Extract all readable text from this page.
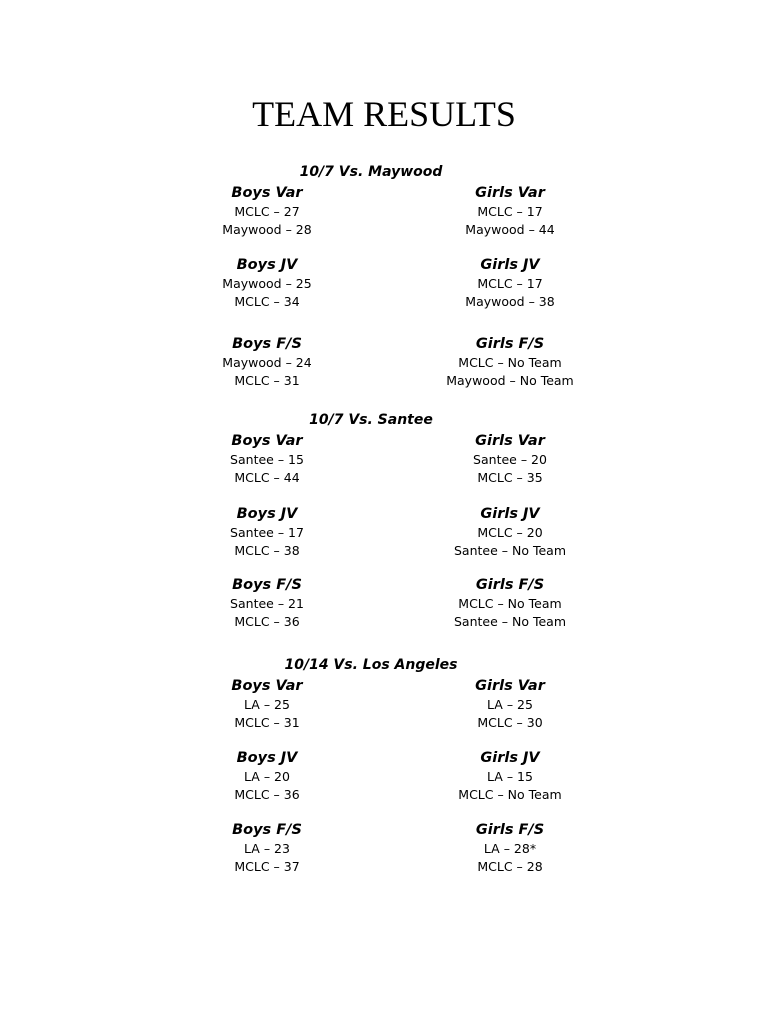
TEAM RESULTS
10/7 Vs. Maywood
Boys Var
MCLC – 27
Maywood – 28
Girls Var
MCLC – 17
Maywood – 44
Boys JV
Maywood – 25
MCLC – 34
Girls JV
MCLC – 17
Maywood – 38
Boys F/S
Maywood – 24
MCLC – 31
Girls F/S
MCLC – No Team
Maywood – No Team
10/7 Vs. Santee
Boys Var
Santee – 15
MCLC – 44
Girls Var
Santee – 20
MCLC – 35
Boys JV
Santee – 17
MCLC – 38
Girls JV
MCLC – 20
Santee – No Team
Boys F/S
Santee – 21
MCLC – 36
Girls F/S
MCLC – No Team
Santee – No Team
10/14 Vs. Los Angeles
Boys Var
LA – 25
MCLC – 31
Girls Var
LA – 25
MCLC – 30
Boys JV
LA – 20
MCLC – 36
Girls JV
LA – 15
MCLC – No Team
Boys F/S
LA – 23
MCLC – 37
Girls F/S
LA – 28*
MCLC – 28
